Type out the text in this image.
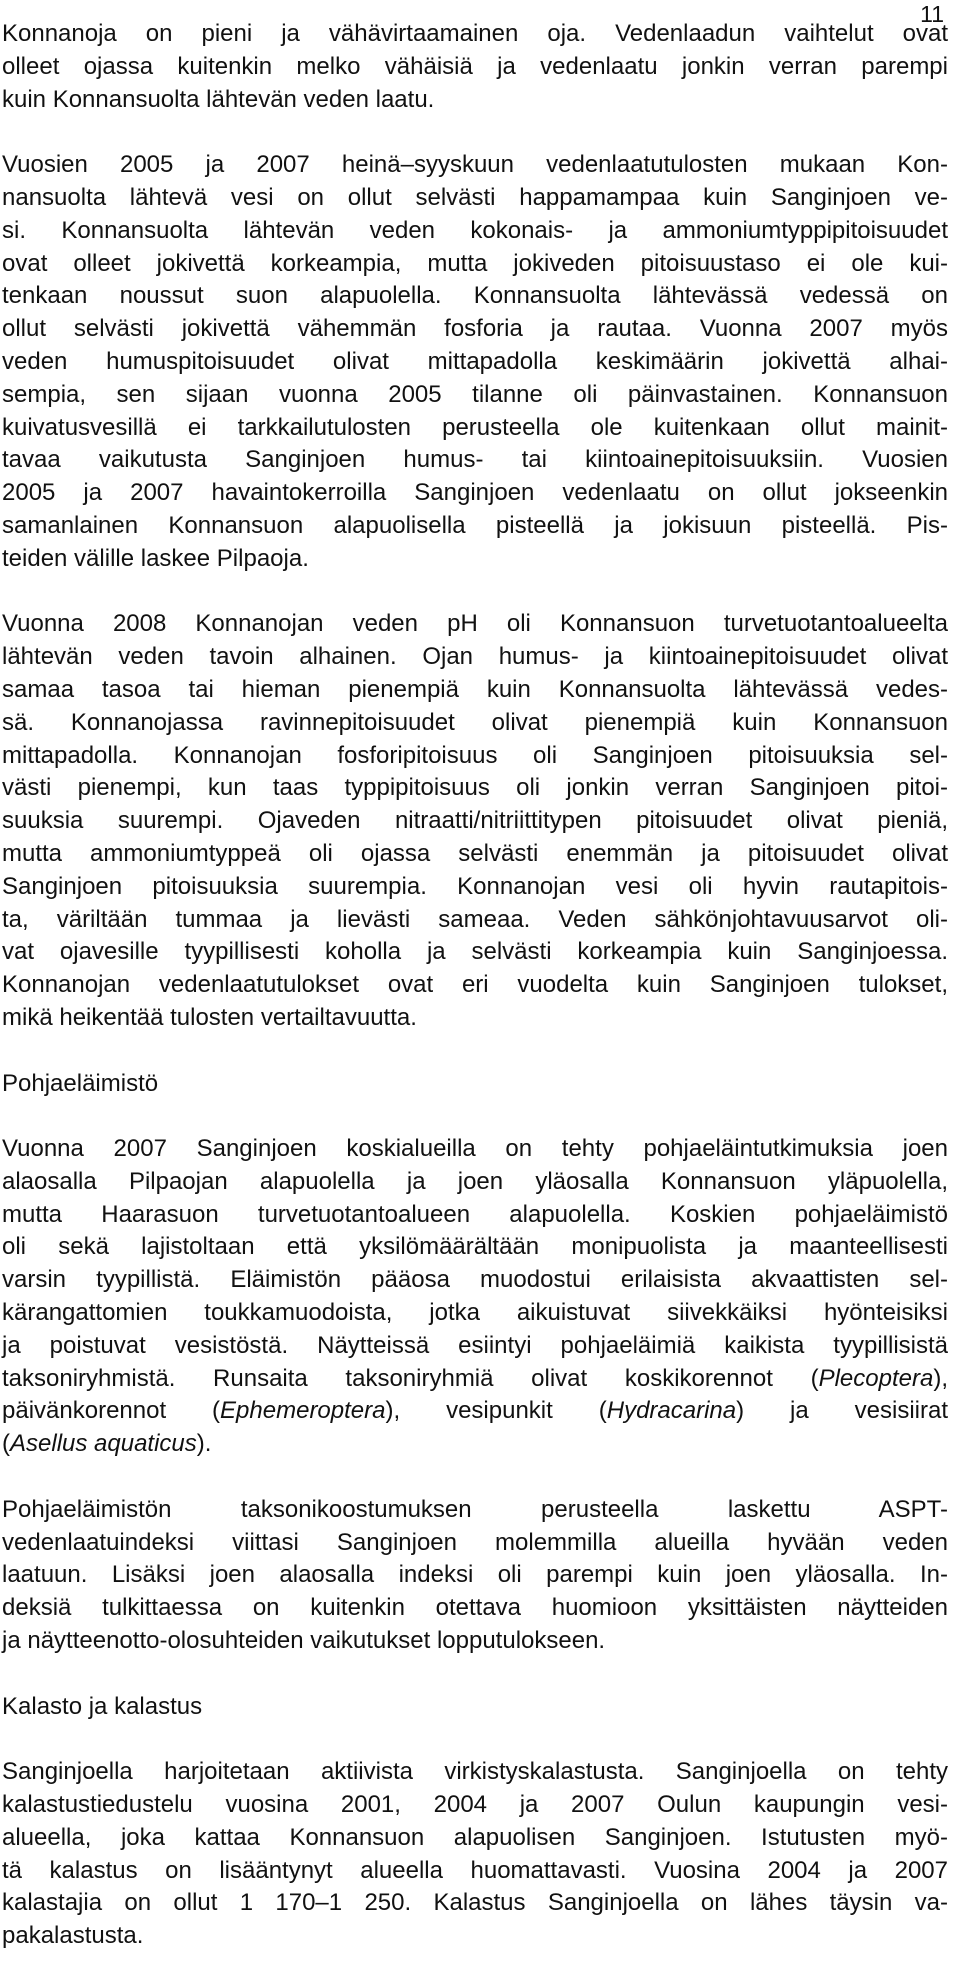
11

Konnanoja on pieni ja vähävirtaamainen oja. Vedenlaadun vaihtelut ovat
olleet ojassa kuitenkin melko vähäisiä ja vedenlaatu jonkin verran parempi
kuin Konnansuolta lähtevän veden laatu.
Vuosien 2005 ja 2007 heinä–syyskuun vedenlaatutulosten mukaan Kon-
nansuolta lähtevä vesi on ollut selvästi happamampaa kuin Sanginjoen ve-
si. Konnansuolta lähtevän veden kokonais- ja ammoniumtyppipitoisuudet
ovat olleet jokivettä korkeampia, mutta jokiveden pitoisuustaso ei ole kui-
tenkaan noussut suon alapuolella. Konnansuolta lähtevässä vedessä on
ollut selvästi jokivettä vähemmän fosforia ja rautaa. Vuonna 2007 myös
veden humuspitoisuudet olivat mittapadolla keskimäärin jokivettä alhai-
sempia, sen sijaan vuonna 2005 tilanne oli päinvastainen. Konnansuon
kuivatusvesillä ei tarkkailutulosten perusteella ole kuitenkaan ollut mainit-
tavaa vaikutusta Sanginjoen humus- tai kiintoainepitoisuuksiin. Vuosien
2005 ja 2007 havaintokerroilla Sanginjoen vedenlaatu on ollut jokseenkin
samanlainen Konnansuon alapuolisella pisteellä ja jokisuun pisteellä. Pis-
teiden välille laskee Pilpaoja.
Vuonna 2008 Konnanojan veden pH oli Konnansuon turvetuotantoalueelta
lähtevän veden tavoin alhainen. Ojan humus- ja kiintoainepitoisuudet olivat
samaa tasoa tai hieman pienempiä kuin Konnansuolta lähtevässä vedes-
sä. Konnanojassa ravinnepitoisuudet olivat pienempiä kuin Konnansuon
mittapadolla. Konnanojan fosforipitoisuus oli Sanginjoen pitoisuuksia sel-
västi pienempi, kun taas typpipitoisuus oli jonkin verran Sanginjoen pitoi-
suuksia suurempi. Ojaveden nitraatti/nitriittitypen pitoisuudet olivat pieniä,
mutta ammoniumtyppeä oli ojassa selvästi enemmän ja pitoisuudet olivat
Sanginjoen pitoisuuksia suurempia. Konnanojan vesi oli hyvin rautapitois-
ta, väriltään tummaa ja lievästi sameaa. Veden sähkönjohtavuusarvot oli-
vat ojavesille tyypillisesti koholla ja selvästi korkeampia kuin Sanginjoessa.
Konnanojan vedenlaatutulokset ovat eri vuodelta kuin Sanginjoen tulokset,
mikä heikentää tulosten vertailtavuutta.
Pohjaeläimistö
Vuonna 2007 Sanginjoen koskialueilla on tehty pohjaeläintutkimuksia joen
alaosalla Pilpaojan alapuolella ja joen yläosalla Konnansuon yläpuolella,
mutta Haarasuon turvetuotantoalueen alapuolella. Koskien pohjaeläimistö
oli sekä lajistoltaan että yksilömäärältään monipuolista ja maanteellisesti
varsin tyypillistä. Eläimistön pääosa muodostui erilaisista akvaattisten sel-
kärangattomien toukkamuodoista, jotka aikuistuvat siivekkäiksi hyönteisiksi
ja poistuvat vesistöstä. Näytteissä esiintyi pohjaeläimiä kaikista tyypillisistä
taksoniryhmistä. Runsaita taksoniryhmiä olivat koskikorennot (Plecoptera),
päivänkorennot (Ephemeroptera), vesipunkit (Hydracarina) ja vesisiirat
(Asellus aquaticus).
Pohjaeläimistön taksonikoostumuksen perusteella laskettu ASPT-
vedenlaatuindeksi viittasi Sanginjoen molemmilla alueilla hyvään veden
laatuun. Lisäksi joen alaosalla indeksi oli parempi kuin joen yläosalla. In-
deksiä tulkittaessa on kuitenkin otettava huomioon yksittäisten näytteiden
ja näytteenotto-olosuhteiden vaikutukset lopputulokseen.
Kalasto ja kalastus
Sanginjoella harjoitetaan aktiivista virkistyskalastusta. Sanginjoella on tehty
kalastustiedustelu vuosina 2001, 2004 ja 2007 Oulun kaupungin vesi-
alueella, joka kattaa Konnansuon alapuolisen Sanginjoen. Istutusten myö-
tä kalastus on lisääntynyt alueella huomattavasti. Vuosina 2004 ja 2007
kalastajia on ollut 1 170–1 250. Kalastus Sanginjoella on lähes täysin va-
pakalastusta.
